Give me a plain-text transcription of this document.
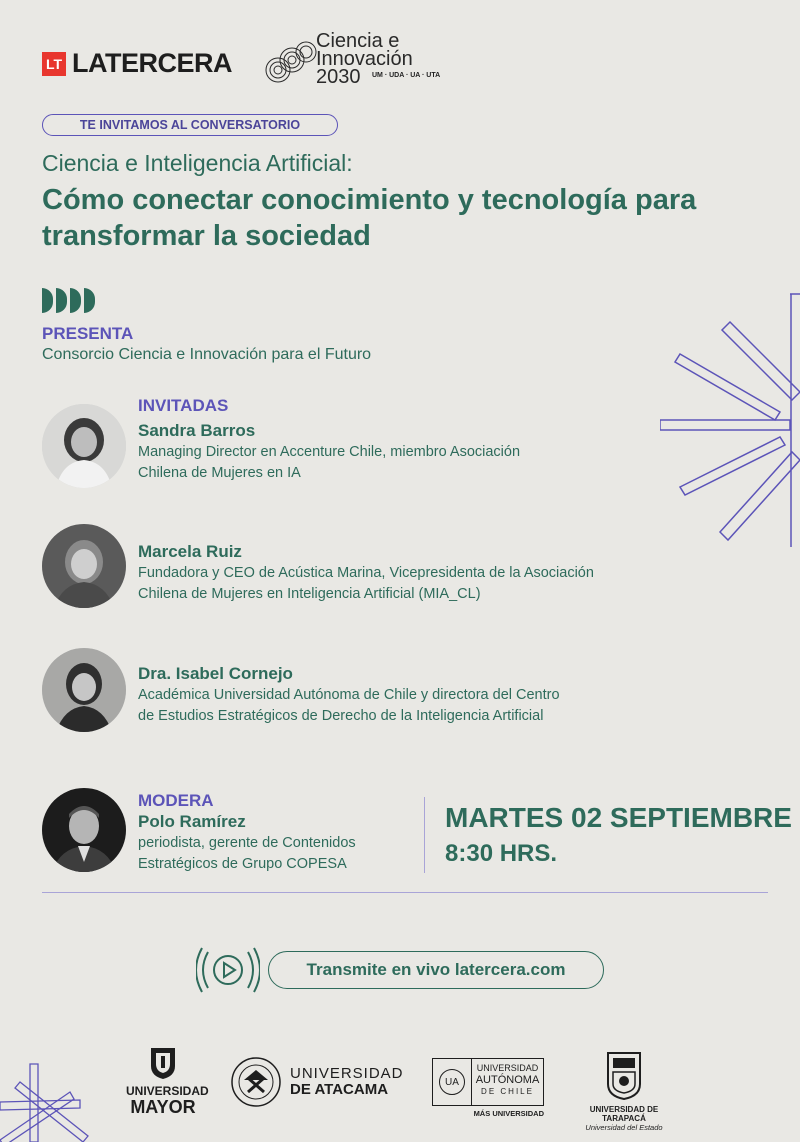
LT LATERCERA
Ciencia e
Innovación
2030	UM · UDA · UA · UTA
TE INVITAMOS AL CONVERSATORIO
Ciencia e Inteligencia Artificial:
Cómo conectar conocimiento y tecnología para transformar la sociedad
PRESENTA
Consorcio Ciencia e Innovación para el Futuro
INVITADAS
Sandra Barros
Managing Director en Accenture Chile, miembro Asociación
Chilena de Mujeres en IA
Marcela Ruiz
Fundadora y CEO de Acústica Marina, Vicepresidenta de la Asociación
Chilena de Mujeres en Inteligencia Artificial (MIA_CL)
Dra. Isabel Cornejo
Académica Universidad Autónoma de Chile y directora del Centro
de Estudios Estratégicos de Derecho de la Inteligencia Artificial
MODERA
Polo Ramírez
periodista, gerente de Contenidos
Estratégicos de Grupo COPESA
MARTES 02 SEPTIEMBRE
8:30 HRS.
Transmite en vivo latercera.com
UNIVERSIDAD
MAYOR
UNIVERSIDAD
DE ATACAMA	UA
UNIVERSIDAD
AUTÓNOMA
DE CHILE
MÁS UNIVERSIDAD	UNIVERSIDAD DE TARAPACÁ
Universidad del Estado
